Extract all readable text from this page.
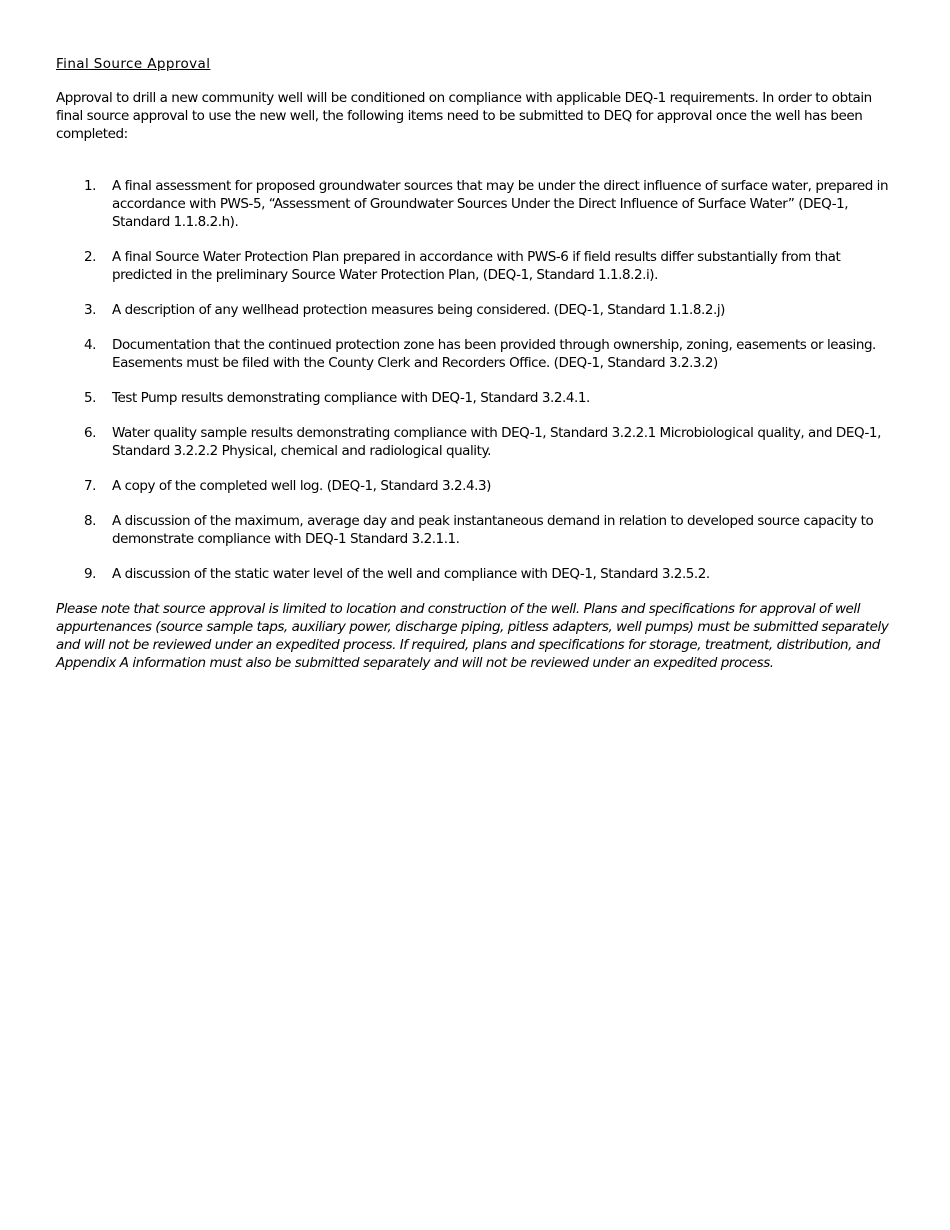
Final Source Approval

Approval to drill a new community well will be conditioned on compliance with applicable DEQ-1 requirements. In order to obtain final source approval to use the new well, the following items need to be submitted to DEQ for approval once the well has been completed:

1. A final assessment for proposed groundwater sources that may be under the direct influence of surface water, prepared in accordance with PWS-5, “Assessment of Groundwater Sources Under the Direct Influence of Surface Water” (DEQ-1, Standard 1.1.8.2.h).
2. A final Source Water Protection Plan prepared in accordance with PWS-6 if field results differ substantially from that predicted in the preliminary Source Water Protection Plan, (DEQ-1, Standard 1.1.8.2.i).
3. A description of any wellhead protection measures being considered. (DEQ-1, Standard 1.1.8.2.j)
4. Documentation that the continued protection zone has been provided through ownership, zoning, easements or leasing. Easements must be filed with the County Clerk and Recorders Office. (DEQ-1, Standard 3.2.3.2)
5. Test Pump results demonstrating compliance with DEQ-1, Standard 3.2.4.1.
6. Water quality sample results demonstrating compliance with DEQ-1, Standard 3.2.2.1 Microbiological quality, and DEQ-1, Standard 3.2.2.2 Physical, chemical and radiological quality.
7. A copy of the completed well log. (DEQ-1, Standard 3.2.4.3)
8. A discussion of the maximum, average day and peak instantaneous demand in relation to developed source capacity to demonstrate compliance with DEQ-1 Standard 3.2.1.1.
9. A discussion of the static water level of the well and compliance with DEQ-1, Standard 3.2.5.2.

Please note that source approval is limited to location and construction of the well. Plans and specifications for approval of well appurtenances (source sample taps, auxiliary power, discharge piping, pitless adapters, well pumps) must be submitted separately and will not be reviewed under an expedited process. If required, plans and specifications for storage, treatment, distribution, and Appendix A information must also be submitted separately and will not be reviewed under an expedited process.
